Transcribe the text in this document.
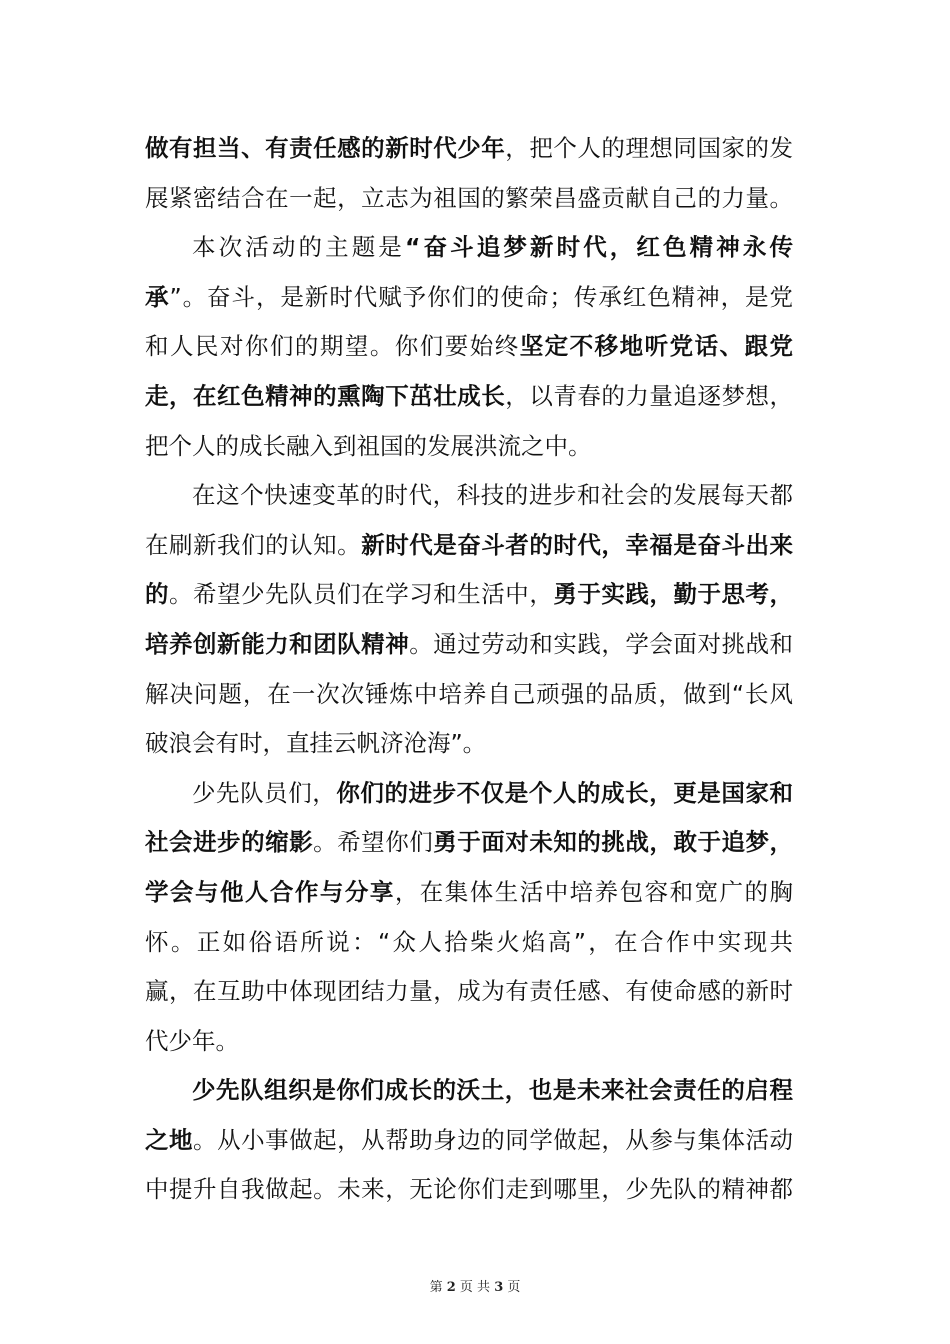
做有担当、有责任感的新时代少年，把个人的理想同国家的发
展紧密结合在一起，立志为祖国的繁荣昌盛贡献自己的力量。
本次活动的主题是“奋斗追梦新时代，红色精神永传
承”。奋斗，是新时代赋予你们的使命；传承红色精神，是党
和人民对你们的期望。你们要始终坚定不移地听党话、跟党
走，在红色精神的熏陶下茁壮成长，以青春的力量追逐梦想，
把个人的成长融入到祖国的发展洪流之中。
在这个快速变革的时代，科技的进步和社会的发展每天都
在刷新我们的认知。新时代是奋斗者的时代，幸福是奋斗出来
的。希望少先队员们在学习和生活中，勇于实践，勤于思考，
培养创新能力和团队精神。通过劳动和实践，学会面对挑战和
解决问题，在一次次锤炼中培养自己顽强的品质，做到“长风
破浪会有时，直挂云帆济沧海”。
少先队员们，你们的进步不仅是个人的成长，更是国家和
社会进步的缩影。希望你们勇于面对未知的挑战，敢于追梦，
学会与他人合作与分享，在集体生活中培养包容和宽广的胸
怀。正如俗语所说：“众人拾柴火焰高”，在合作中实现共
赢，在互助中体现团结力量，成为有责任感、有使命感的新时
代少年。
少先队组织是你们成长的沃土，也是未来社会责任的启程
之地。从小事做起，从帮助身边的同学做起，从参与集体活动
中提升自我做起。未来，无论你们走到哪里，少先队的精神都
第 2 页 共 3 页
